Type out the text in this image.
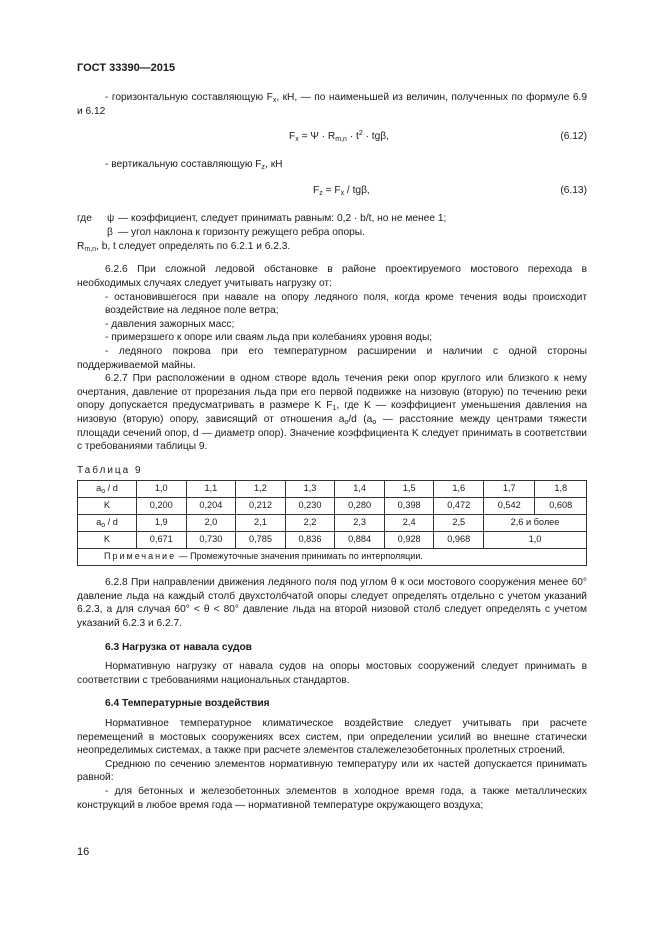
ГОСТ 33390—2015

- горизонтальную составляющую $F_x$, кН, — по наименьшей из величин, полученных по формуле 6.9 и 6.12

$F_x = \Psi \cdot R_{m,n} \cdot t^2 \cdot tg\beta$,	(6.12)

- вертикальную составляющую $F_z$, кН

$F_z = F_x / tg\beta$,	(6.13)
где ψ — коэффициент, следует принимать равным: 0,2 · b/t, но не менее 1;
β — угол наклона к горизонту режущего ребра опоры.

$R_{m,n}$, b, t следует определять по 6.2.1 и 6.2.3.

6.2.6 При сложной ледовой обстановке в районе проектируемого мостового перехода в необходимых случаях следует учитывать нагрузку от:

- остановившегося при навале на опору ледяного поля, когда кроме течения воды происходит воздействие на ледяное поле ветра;

- давления зажорных масс;

- примерзшего к опоре или сваям льда при колебаниях уровня воды;

- ледяного покрова при его температурном расширении и наличии с одной стороны поддерживаемой майны.

6.2.7 При расположении в одном створе вдоль течения реки опор круглого или близкого к нему очертания, давление от прорезания льда при его первой подвижке на низовую (вторую) по течению реки опору допускается предусматривать в размере K $F_1$, где K — коэффициент уменьшения давления на низовую (вторую) опору, зависящий от отношения $a_o/d$ ($a_o$ — расстояние между центрами тяжести площади сечений опор, d — диаметр опор). Значение коэффициента K следует принимать в соответствии с требованиями таблицы 9.

Таблица 9
$a_o$ / d	1,0	1,1	1,2	1,3	1,4	1,5	1,6	1,7	1,8
K	0,200	0,204	0,212	0,230	0,280	0,398	0,472	0,542	0,608
$a_o$ / d	1,9	2,0	2,1	2,2	2,3	2,4	2,5	2,6 и более	
K	0,671	0,730	0,785	0,836	0,884	0,928	0,968	1,0	
Примечание — Промежуточные значения принимать по интерполяции.									

6.2.8 При направлении движения ледяного поля под углом θ к оси мостового сооружения менее 60° давление льда на каждый столб двухстолбчатой опоры следует определять отдельно с учетом указаний 6.2.3, а для случая 60° < θ < 80° давление льда на второй низовой столб следует определять с учетом указаний 6.2.3 и 6.2.7.

6.3 Нагрузка от навала судов

Нормативную нагрузку от навала судов на опоры мостовых сооружений следует принимать в соответствии с требованиями национальных стандартов.

6.4 Температурные воздействия

Нормативное температурное климатическое воздействие следует учитывать при расчете перемещений в мостовых сооружениях всех систем, при определении усилий во внешне статически неопределимых системах, а также при расчете элементов сталежелезобетонных пролетных строений.

Среднюю по сечению элементов нормативную температуру или их частей допускается принимать равной:

- для бетонных и железобетонных элементов в холодное время года, а также металлических конструкций в любое время года — нормативной температуре окружающего воздуха;

16
